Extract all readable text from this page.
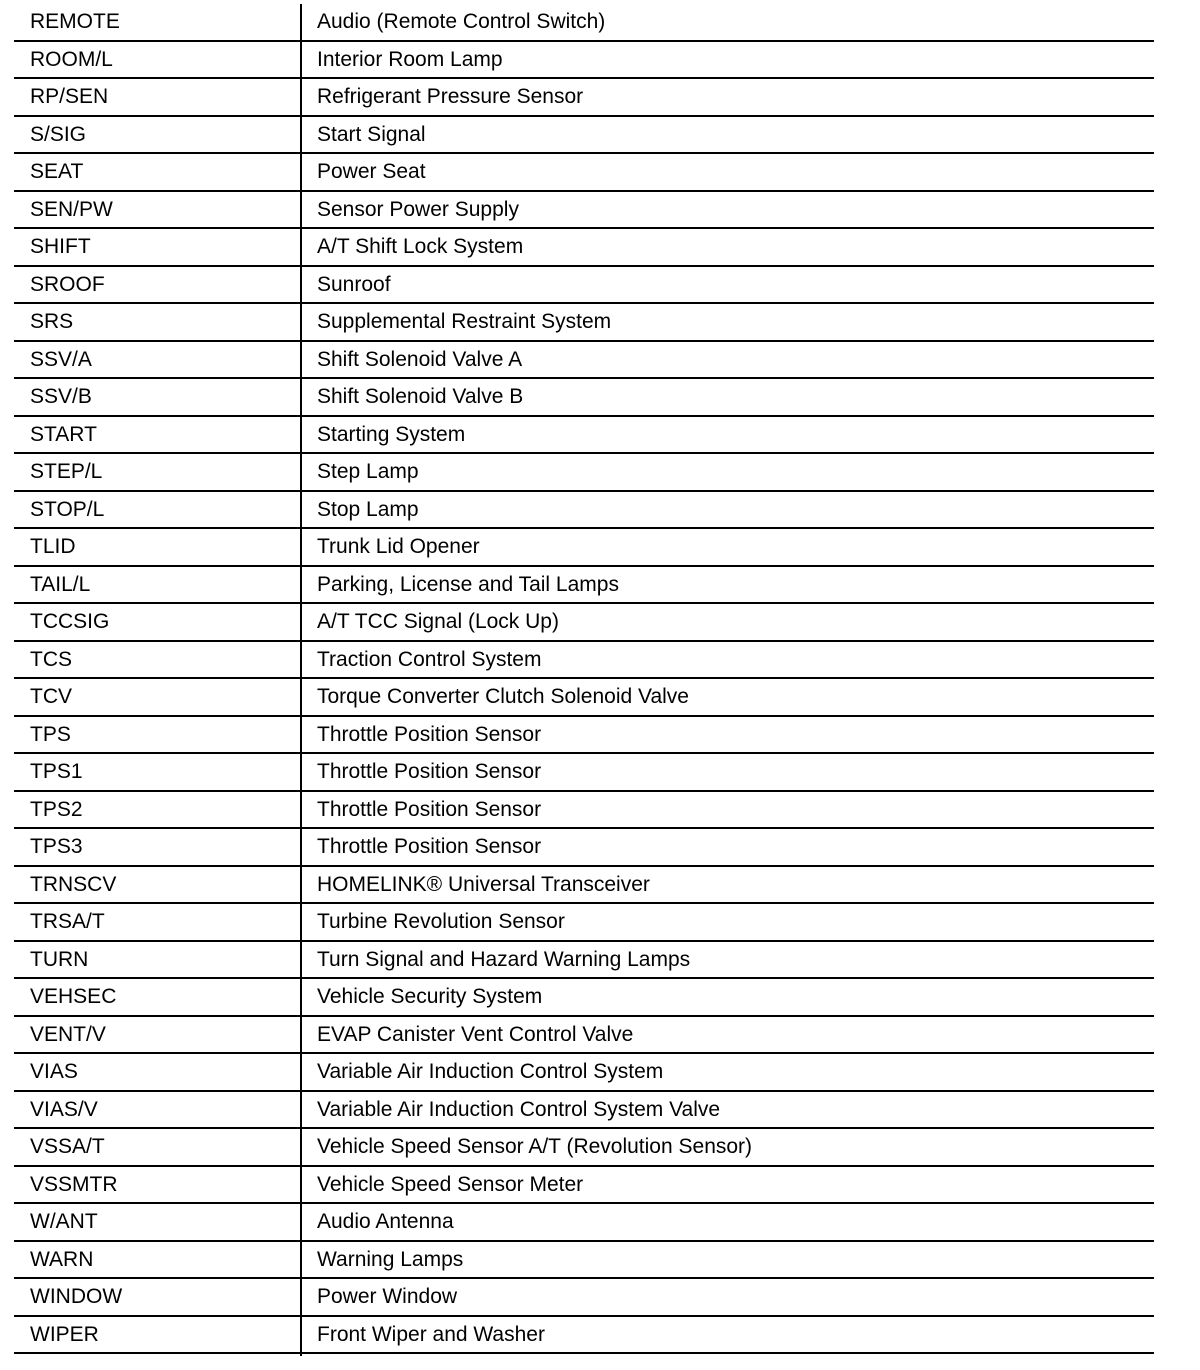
REMOTE	Audio (Remote Control Switch)
ROOM/L	Interior Room Lamp
RP/SEN	Refrigerant Pressure Sensor
S/SIG	Start Signal
SEAT	Power Seat
SEN/PW	Sensor Power Supply
SHIFT	A/T Shift Lock System
SROOF	Sunroof
SRS	Supplemental Restraint System
SSV/A	Shift Solenoid Valve A
SSV/B	Shift Solenoid Valve B
START	Starting System
STEP/L	Step Lamp
STOP/L	Stop Lamp
TLID	Trunk Lid Opener
TAIL/L	Parking, License and Tail Lamps
TCCSIG	A/T TCC Signal (Lock Up)
TCS	Traction Control System
TCV	Torque Converter Clutch Solenoid Valve
TPS	Throttle Position Sensor
TPS1	Throttle Position Sensor
TPS2	Throttle Position Sensor
TPS3	Throttle Position Sensor
TRNSCV	HOMELINK® Universal Transceiver
TRSA/T	Turbine Revolution Sensor
TURN	Turn Signal and Hazard Warning Lamps
VEHSEC	Vehicle Security System
VENT/V	EVAP Canister Vent Control Valve
VIAS	Variable Air Induction Control System
VIAS/V	Variable Air Induction Control System Valve
VSSA/T	Vehicle Speed Sensor A/T (Revolution Sensor)
VSSMTR	Vehicle Speed Sensor Meter
W/ANT	Audio Antenna
WARN	Warning Lamps
WINDOW	Power Window
WIPER	Front Wiper and Washer
